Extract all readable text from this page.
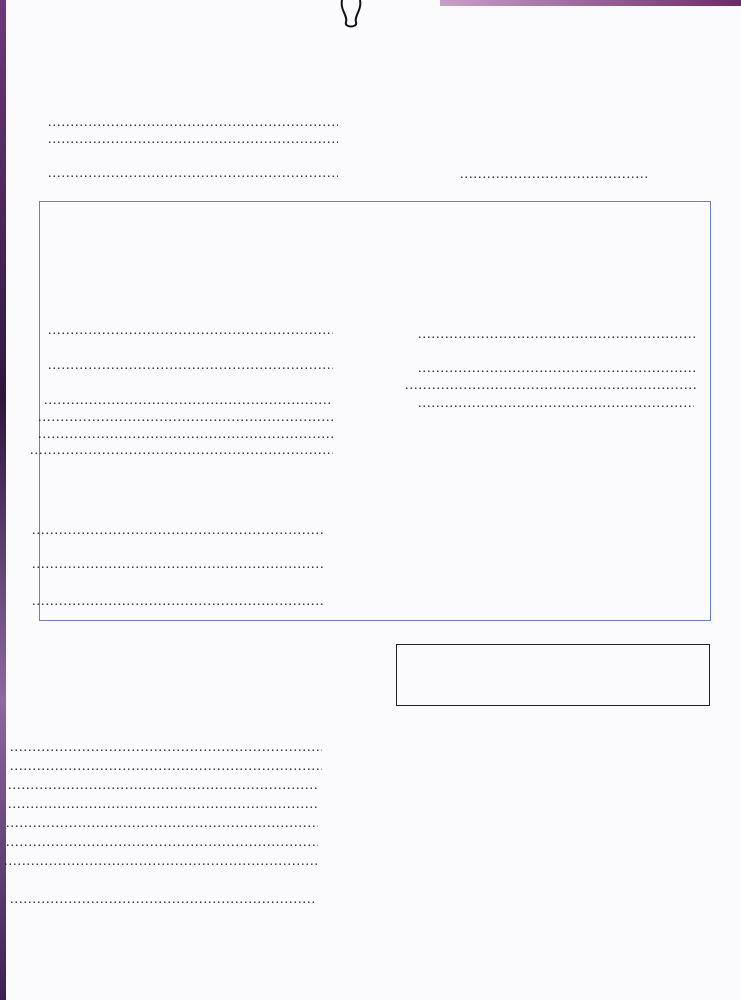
.....
.....
.....
.....
.....
.....
.....
.....
.....
.....
.....
.....
.....
.....
.....
.....
.....
.....
.....
.....
.....
.....
.....
.....
.....
